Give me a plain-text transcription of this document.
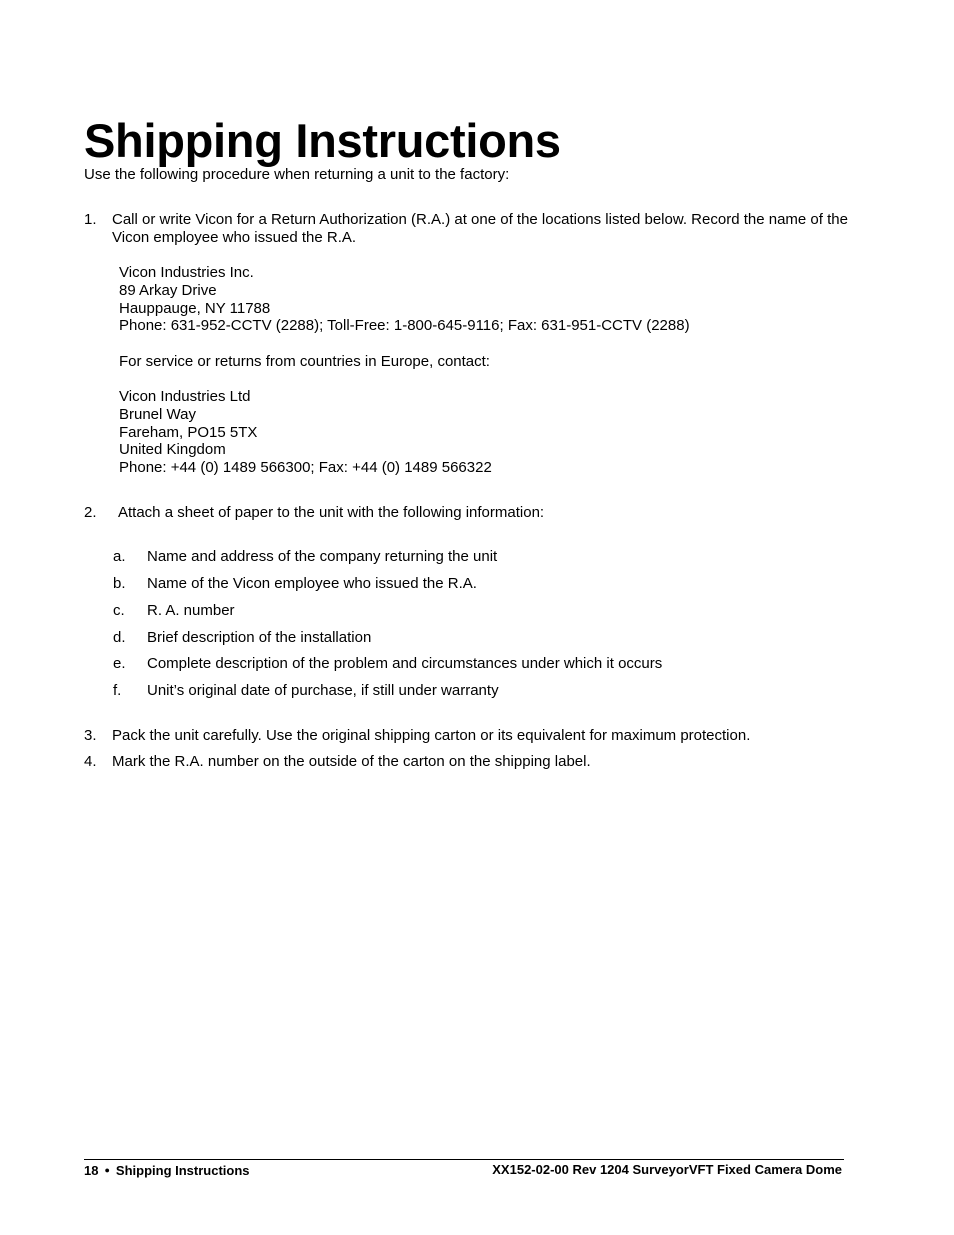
Shipping Instructions

Use the following procedure when returning a unit to the factory:

1. Call or write Vicon for a Return Authorization (R.A.) at one of the locations listed below. Record the name of the Vicon employee who issued the R.A.
Vicon Industries Inc.
89 Arkay Drive
Hauppauge, NY 11788
Phone: 631-952-CCTV (2288); Toll-Free: 1-800-645-9116; Fax: 631-951-CCTV (2288)
For service or returns from countries in Europe, contact:
Vicon Industries Ltd
Brunel Way
Fareham, PO15 5TX
United Kingdom
Phone: +44 (0) 1489 566300; Fax: +44 (0) 1489 566322
2. Attach a sheet of paper to the unit with the following information:
a. Name and address of the company returning the unit
b. Name of the Vicon employee who issued the R.A.
c. R. A. number
d. Brief description of the installation
e. Complete description of the problem and circumstances under which it occurs
f. Unit’s original date of purchase, if still under warranty
3. Pack the unit carefully. Use the original shipping carton or its equivalent for maximum protection.
4. Mark the R.A. number on the outside of the carton on the shipping label.
18 ● Shipping Instructions	XX152-02-00 Rev 1204 SurveyorVFT Fixed Camera Dome
